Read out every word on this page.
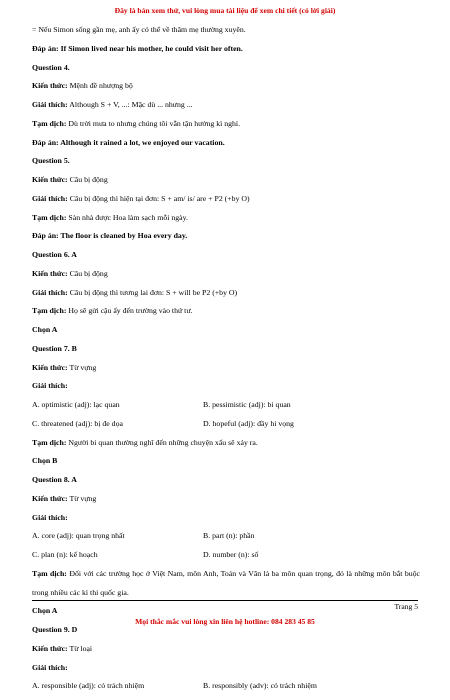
Đây là bản xem thử, vui lòng mua tài liệu để xem chi tiết (có lời giải)
= Nếu Simon sống gần mẹ, anh ấy có thể về thăm mẹ thường xuyên.
Đáp án: If Simon lived near his mother, he could visit her often.
Question 4.
Kiến thức: Mệnh đề nhượng bộ
Giải thích: Although S + V, ...: Mặc dù ... nhưng ...
Tạm dịch: Dù trời mưa to nhưng chúng tôi vẫn tận hưởng kì nghỉ.
Đáp án: Although it rained a lot, we enjoyed our vacation.
Question 5.
Kiến thức: Câu bị động
Giải thích: Câu bị động thì hiện tại đơn: S + am/ is/ are + P2 (+by O)
Tạm dịch: Sàn nhà được Hoa làm sạch mỗi ngày.
Đáp án: The floor is cleaned by Hoa every day.
Question 6. A
Kiến thức: Câu bị động
Giải thích: Câu bị động thì tương lai đơn: S + will be P2 (+by O)
Tạm dịch: Họ sẽ gửi cậu ấy đến trường vào thứ tư.
Chọn A
Question 7. B
Kiến thức: Từ vựng
Giải thích:
A. optimistic (adj): lạc quan	B. pessimistic (adj): bi quan
C. threatened (adj): bị đe dọa	D. hopeful (adj): đầy hi vọng
Tạm dịch: Người bi quan thường nghĩ đến những chuyện xấu sẽ xảy ra.
Chọn B
Question 8. A
Kiến thức: Từ vựng
Giải thích:
A. core (adj): quan trọng nhất	B. part (n): phần
C. plan (n): kế hoạch	D. number (n): số
Tạm dịch: Đối với các trường học ở Việt Nam, môn Anh, Toán và Văn là ba môn quan trọng, đó là những môn bắt buộc trong nhiều các kì thi quốc gia.
Chọn A
Question 9. D
Kiến thức: Từ loại
Giải thích:
A. responsible (adj): có trách nhiệm	B. responsibly (adv): có trách nhiệm
Trang 5
Mọi thắc mắc vui lòng xin liên hệ hotline: 084 283 45 85
